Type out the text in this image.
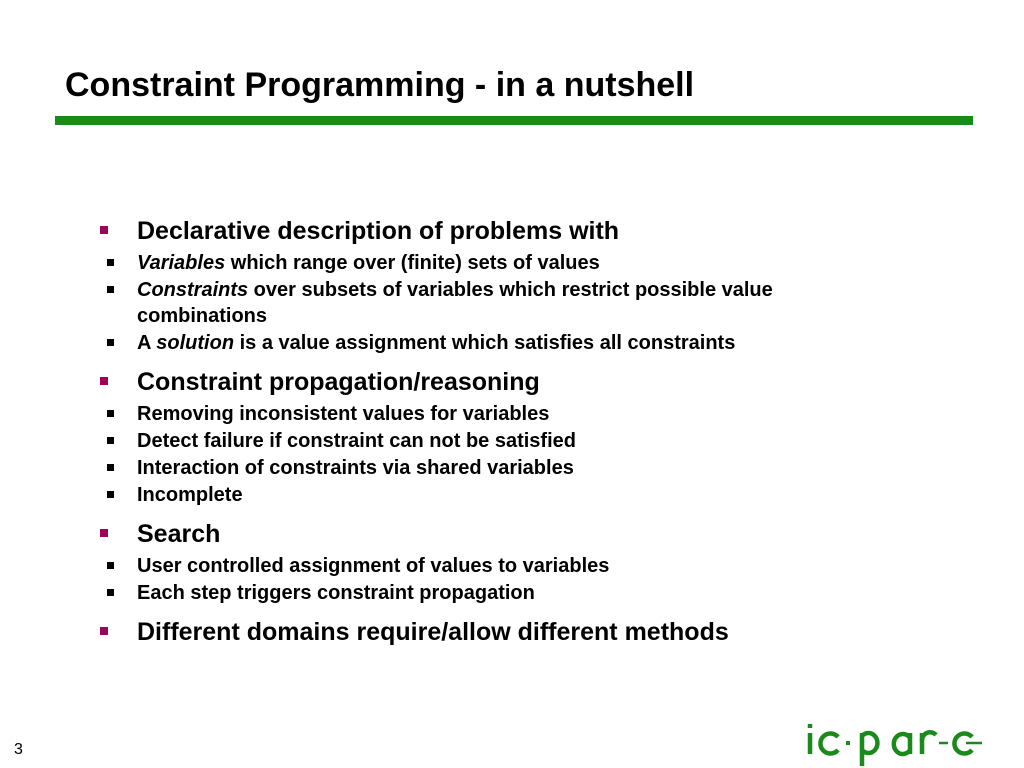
Constraint Programming - in a nutshell
Declarative description of problems with
Variables which range over (finite) sets of values
Constraints over subsets of variables which restrict possible value combinations
A solution is a value assignment which satisfies all constraints
Constraint propagation/reasoning
Removing inconsistent values for variables
Detect failure if constraint can not be satisfied
Interaction of constraints via shared variables
Incomplete
Search
User controlled assignment of values to variables
Each step triggers constraint propagation
Different domains require/allow different methods
3
